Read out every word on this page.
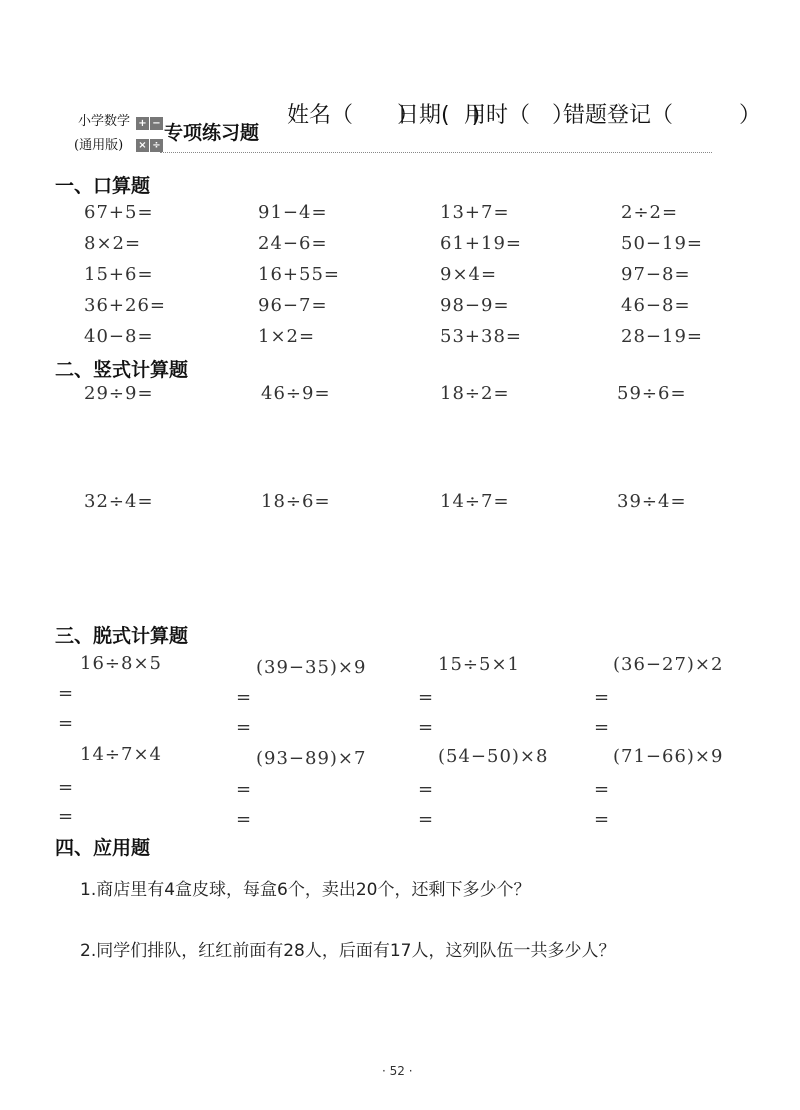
小学数学
(通用版)
+ −
× ÷
专项练习题
姓名（　　）
日期(　)
用时（　）
错题登记（　　　）
一、口算题
67+5=	91−4=	13+7=	2÷2=
8×2=	24−6=	61+19=	50−19=
15+6=	16+55=	9×4=	97−8=
36+26=	96−7=	98−9=	46−8=
40−8=	1×2=	53+38=	28−19=
二、竖式计算题
29÷9=	46÷9=	18÷2=	59÷6=
32÷4=	18÷6=	14÷7=	39÷4=
三、脱式计算题
16÷8×5	(39−35)×9	15÷5×1	(36−27)×2
=
=
=
=
=
=
=
=
14÷7×4	(93−89)×7	(54−50)×8	(71−66)×9
=
=
=
=
=
=
=
=
四、应用题
1.商店里有4盒皮球，每盒6个，卖出20个，还剩下多少个？
2.同学们排队，红红前面有28人，后面有17人，这列队伍一共多少人？
· 52 ·
